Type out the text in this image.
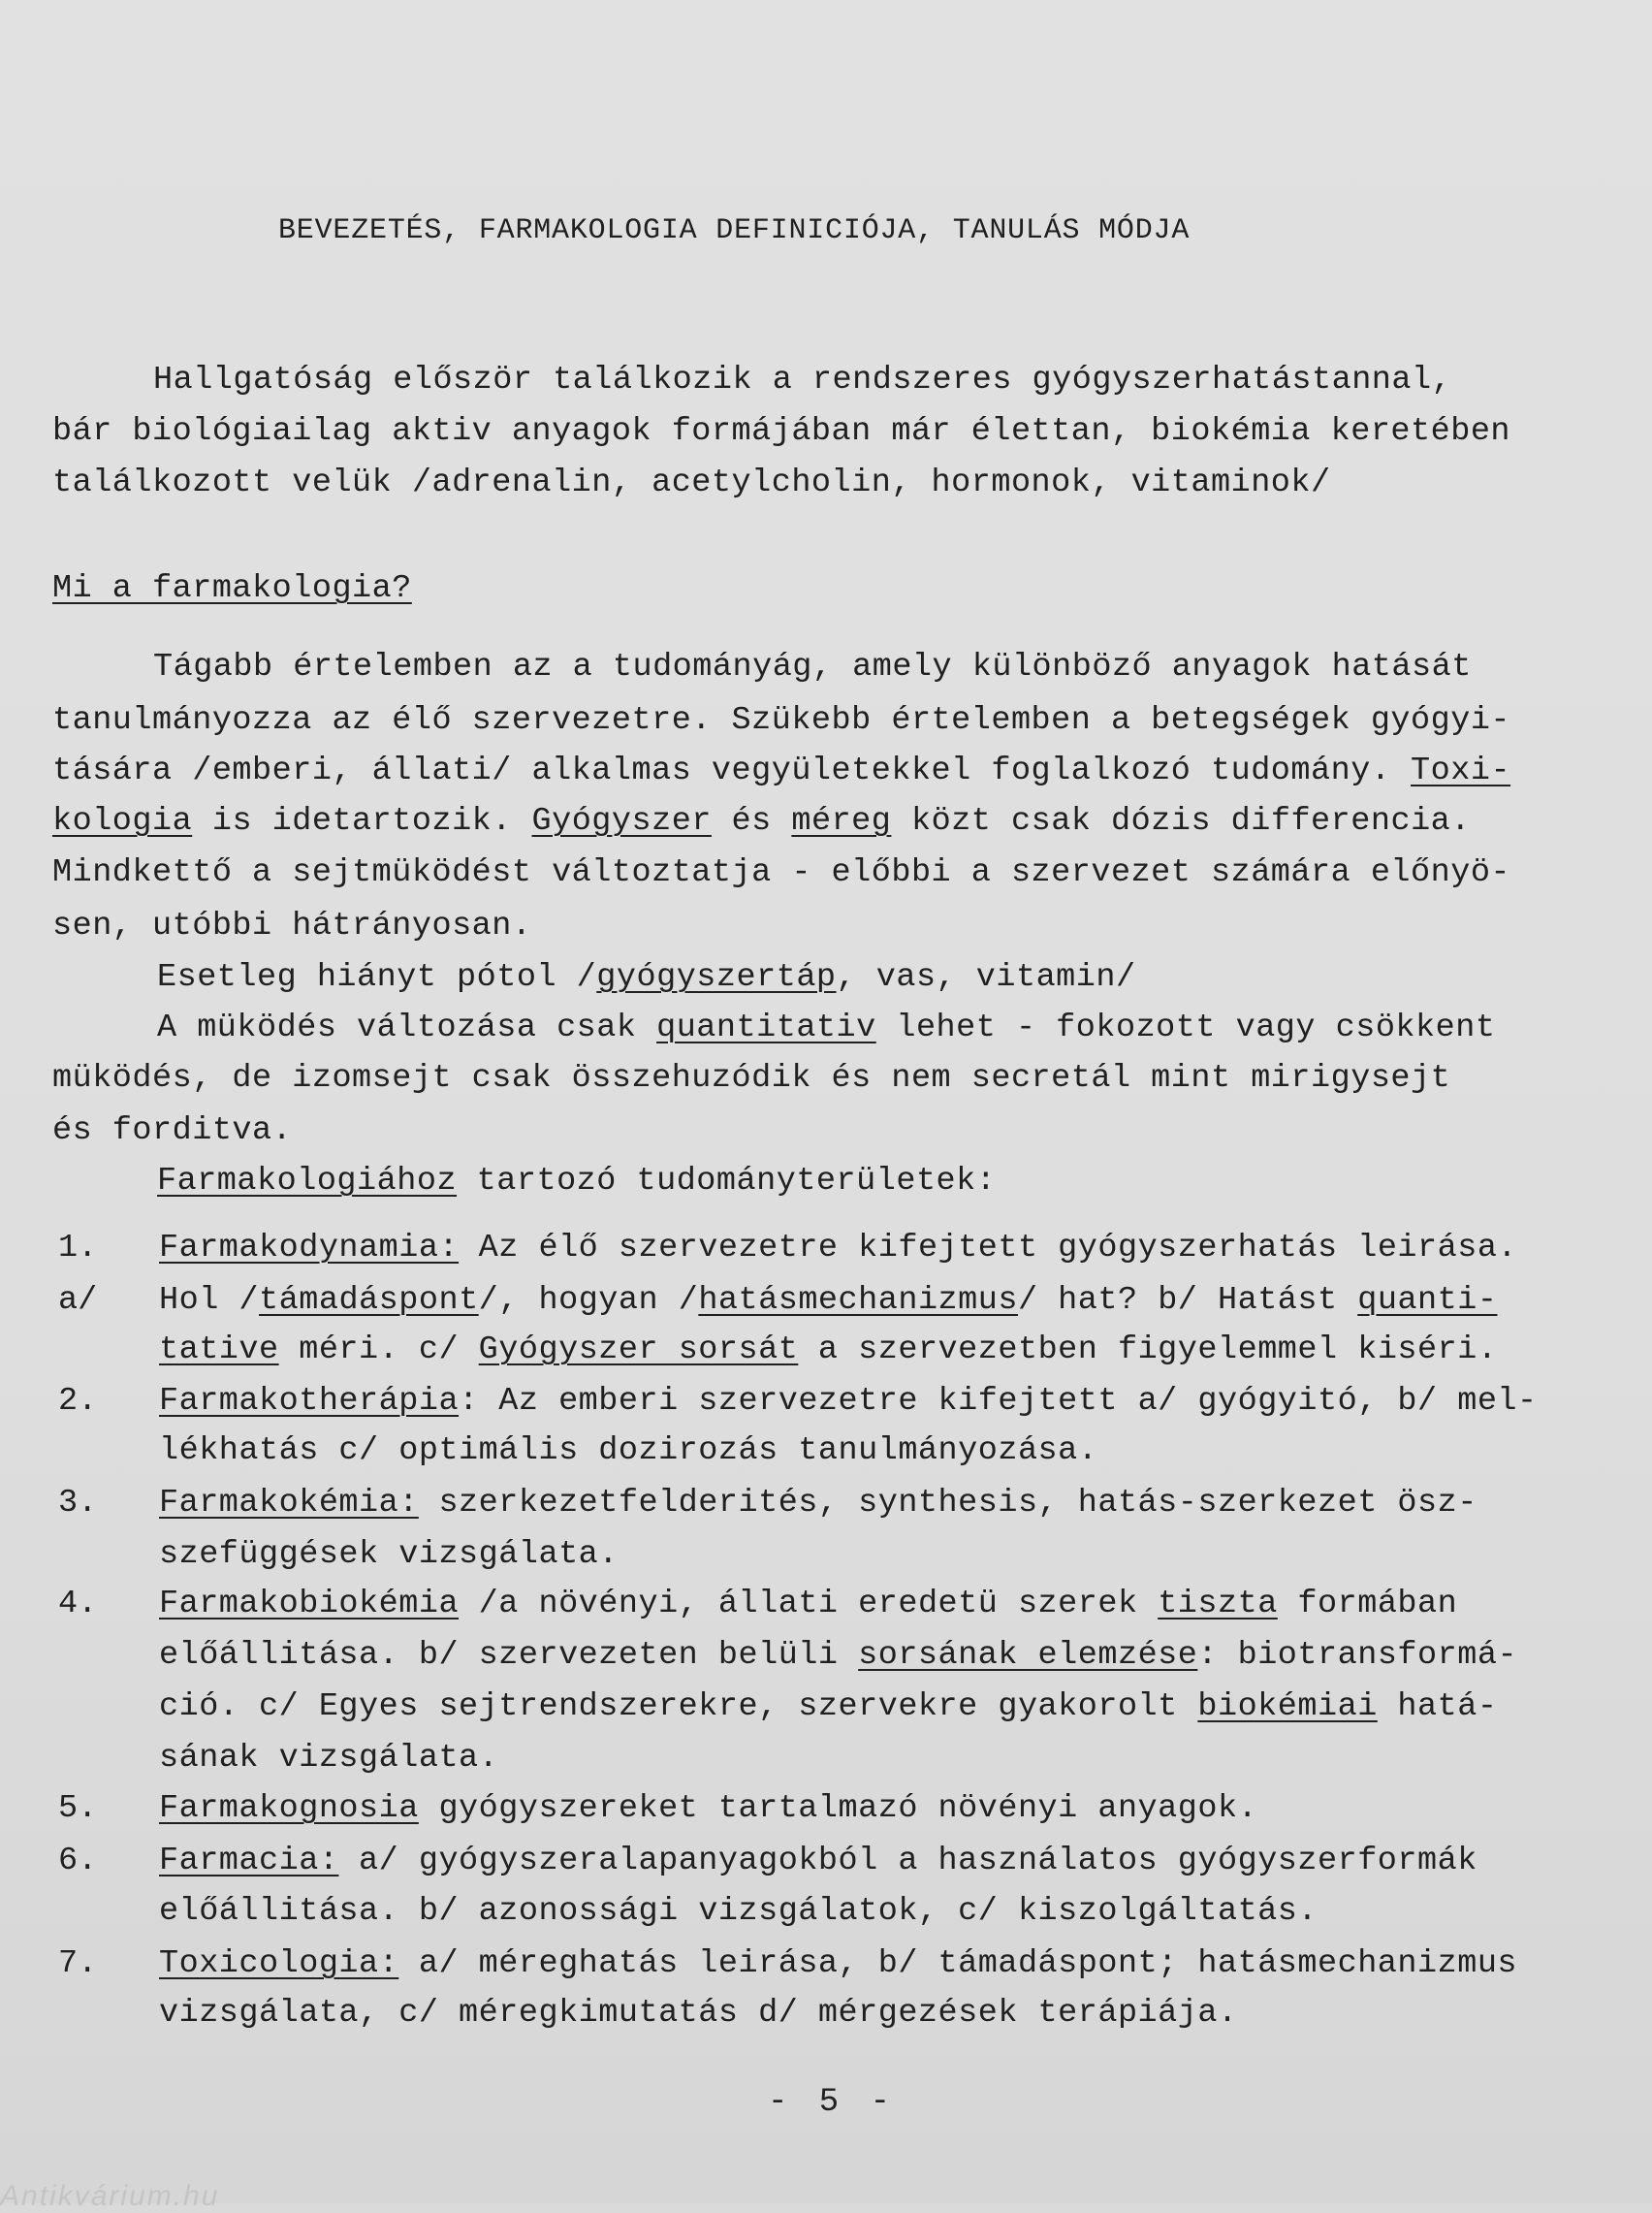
BEVEZETÉS, FARMAKOLOGIA DEFINICIÓJA, TANULÁS MÓDJA
Hallgatóság először találkozik a rendszeres gyógyszerhatástannal,
bár biológiailag aktiv anyagok formájában már élettan, biokémia keretében
találkozott velük /adrenalin, acetylcholin, hormonok, vitaminok/
Mi a farmakologia?
Tágabb értelemben az a tudományág, amely különböző anyagok hatását
tanulmányozza az élő szervezetre. Szükebb értelemben a betegségek gyógyi-
tására /emberi, állati/ alkalmas vegyületekkel foglalkozó tudomány. Toxi-
kologia is idetartozik. Gyógyszer és méreg közt csak dózis differencia.
Mindkettő a sejtmüködést változtatja - előbbi a szervezet számára előnyö-
sen, utóbbi hátrányosan.
Esetleg hiányt pótol /gyógyszertáp, vas, vitamin/
A müködés változása csak quantitativ lehet - fokozott vagy csökkent
müködés, de izomsejt csak összehuzódik és nem secretál mint mirigysejt
és forditva.
Farmakologiához tartozó tudományterületek:
1. Farmakodynamia: Az élő szervezetre kifejtett gyógyszerhatás leirása.
a/ Hol /támadáspont/, hogyan /hatásmechanizmus/ hat? b/ Hatást quanti-
tative méri. c/ Gyógyszer sorsát a szervezetben figyelemmel kiséri.
2. Farmakotherápia: Az emberi szervezetre kifejtett a/ gyógyitó, b/ mel-
lékhatás c/ optimális dozirozás tanulmányozása.
3. Farmakokémia: szerkezetfelderités, synthesis, hatás-szerkezet ösz-
szefüggések vizsgálata.
4. Farmakobiokémia /a növényi, állati eredetü szerek tiszta formában
előállitása. b/ szervezeten belüli sorsának elemzése: biotransformá-
ció. c/ Egyes sejtrendszerekre, szervekre gyakorolt biokémiai hatá-
sának vizsgálata.
5. Farmakognosia gyógyszereket tartalmazó növényi anyagok.
6. Farmacia: a/ gyógyszeralapanyagokból a használatos gyógyszerformák
előállitása. b/ azonossági vizsgálatok, c/ kiszolgáltatás.
7. Toxicologia: a/ méreghatás leirása, b/ támadáspont; hatásmechanizmus
vizsgálata, c/ méregkimutatás d/ mérgezések terápiája.
- 5 -
Antikvárium.hu
